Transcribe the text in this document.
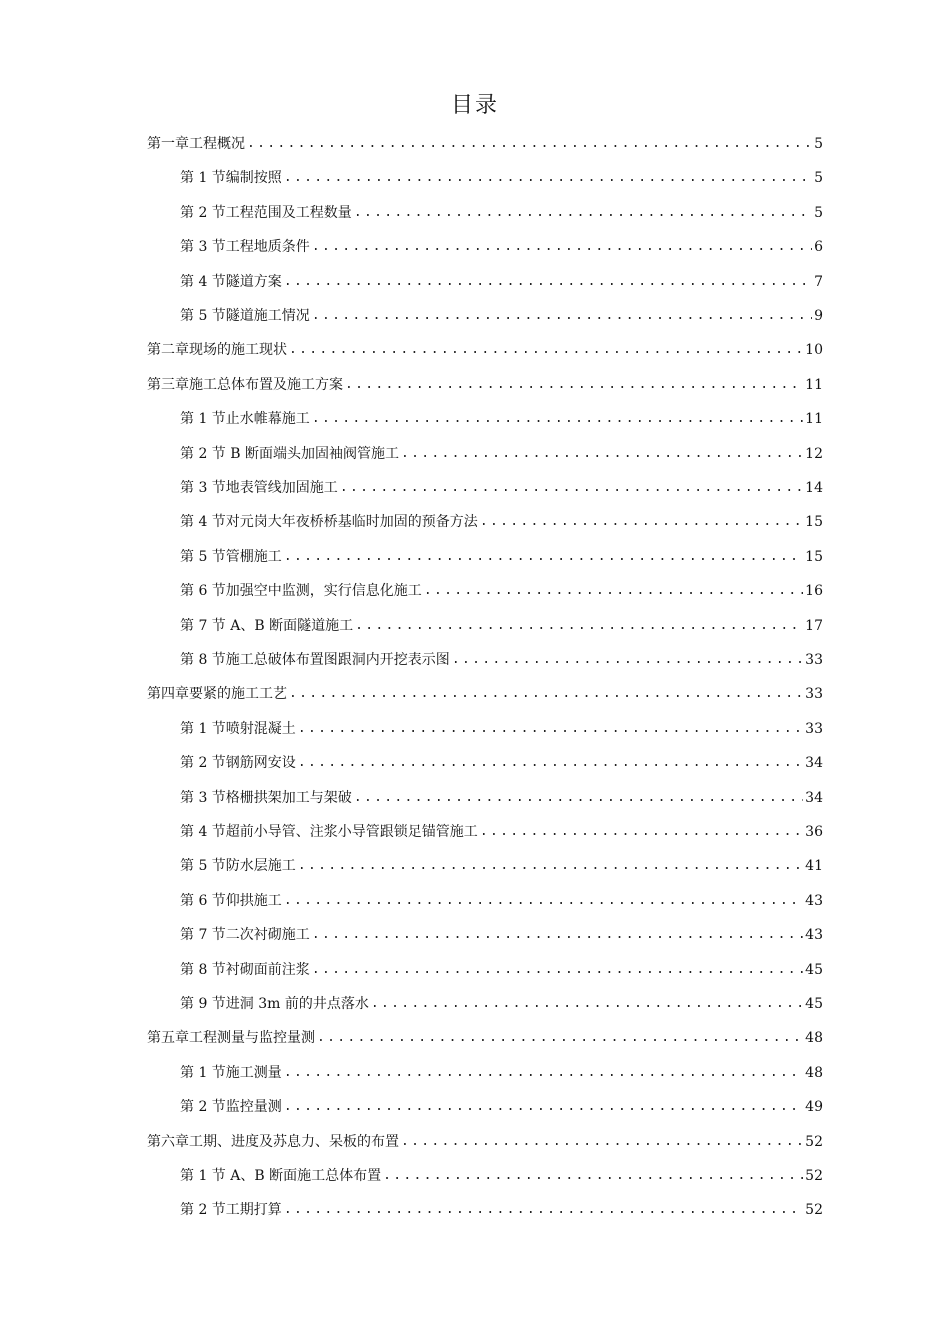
目录
第一章工程概况 .....	5
第 1 节编制按照 .....	5
第 2 节工程范围及工程数量 .....	5
第 3 节工程地质条件 .....	6
第 4 节隧道方案 .....	7
第 5 节隧道施工情况 .....	9
第二章现场的施工现状 .....	10
第三章施工总体布置及施工方案 .....	11
第 1 节止水帷幕施工 .....	11
第 2 节 B 断面端头加固袖阀管施工 .....	12
第 3 节地表管线加固施工 .....	14
第 4 节对元岗大年夜桥桥基临时加固的预备方法 .....	15
第 5 节管棚施工 .....	15
第 6 节加强空中监测，实行信息化施工 .....	16
第 7 节 A、B 断面隧道施工 .....	17
第 8 节施工总破体布置图跟洞内开挖表示图 .....	33
第四章要紧的施工工艺 .....	33
第 1 节喷射混凝土 .....	33
第 2 节钢筋网安设 .....	34
第 3 节格栅拱架加工与架破 .....	34
第 4 节超前小导管、注浆小导管跟锁足锚管施工 .....	36
第 5 节防水层施工 .....	41
第 6 节仰拱施工 .....	43
第 7 节二次衬砌施工 .....	43
第 8 节衬砌面前注浆 .....	45
第 9 节进洞 3m 前的井点落水 .....	45
第五章工程测量与监控量测 .....	48
第 1 节施工测量 .....	48
第 2 节监控量测 .....	49
第六章工期、进度及苏息力、呆板的布置 .....	52
第 1 节 A、B 断面施工总体布置 .....	52
第 2 节工期打算 .....	52
